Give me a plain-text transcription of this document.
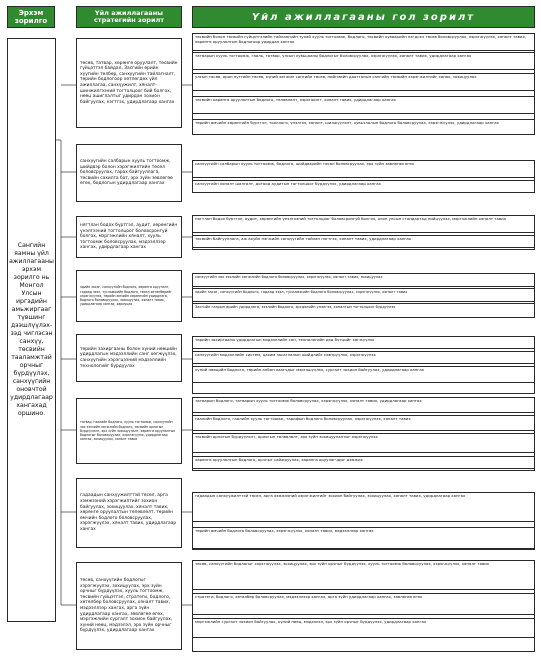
Эрхэм зорилго
Үйл ажиллагааны стратегийн зорилт	Үйл ажиллагааны гол зорилт
Сангийн яамны үйл ажиллагааны эрхэм зорилго нь Монгол Улсын иргэдийн амьжиргааг түвшинг дээшлүүлэх-зэд чиглэсэн санхүү, төсвийн тааламжтай орчныг бүрдүүлэх, санхүүгийн оновчтой удирдлагаар хангахад оршино.
төсөв, татвар, хөрөнгө оруулалт, төсвийн гүйцэтгэл байдал, Засгийн өрийн хүүгийн төлбөр, санхүүгийн тайлагналт, төрийн бодлогоор хөтлөгдөх үйл ажиллагаа, санхүүжилт, хяналт-шинжилгээний тогтолцоог бий болгох, нөөц ашиглалтыг удирдан зохион байгуулах, нэгтгэх, удирдлагаар хангах
санхүүгийн салбарын хууль тогтоомж, шийдвэр болон хэрэгжилтийн төсөл боловсруулах, гарах байгууллага, төсвийн сахилга бат, эрх зүйн зөвлөгөө өгөх, бодлогын удирдлагаар хангах
нягтлан бодох бүртгэл, аудит, хөрөнгийн үнэлгээний тогтолцоог боловсронгуй болгох, мэргэжлийн хяналт, хууль тогтоомж боловсруулах, мэдээллээр хангах, удирдлагаар хангах
эдийн засаг, санхүүгийн бодлого, хөрөнгө оруулалт, гадаад зээл, тусламжийн бодлого, төсөл хөтөлбөрийг хэрэгжүүлэх, төрийн өмчийн хөрөнгийн удирдлага, бодлого боловсруулах, зохицуулах, хяналт тавих, удирдлагаар хангах, хариуцах
төрийн захиргааны болон хүний нөөцийн удирдлагын мэдээллийн санг хөгжүүлэх, санхүүгийн хэрэгцээний мэдээллийн технологийг бүрдүүлэх
татвар, гаалийн бодлого, хууль тогтоомж, санхүүгийн зах зээлийн хөгжлийн бодлого, төсвийн орлогын бүрдүүлэлт, эрх зүйн зохицуулалт, хөрөнгө оруулалтын бодлогыг боловсруулах, хэрэгжүүлэх, удирдлагаар хангах, зохицуулах, хяналт тавих
гадаадын санхүүжилттэй төсөл, арга хэмжээний хэрэгжилтийг зохион байгуулах, зохицуулах, хяналт тавих, хөрөнгө оруулалтын төлөвлөлт, төрийн өмчийн бодлого боловсруулах, хэрэгжүүлэх, хяналт тавих, удирдлагаар хангах
төсөв, санхүүгийн бодлогыг хэрэгжүүлэх, зохицуулах, эрх зүйн орчныг бүрдүүлэх, хууль тогтоомж, төсвийн гүйцэтгэл, стратеги, бодлого, хөтөлбөр боловсруулах, хяналт тавих, мэдээллээр хангах, арга зүйн удирдлагаар хангах, зөвлөгөө өгөх, мэргэжлийн сургалт зохион байгуулах, хүний нөөц, мэдээлэл, эрх зүйн орчныг бүрдүүлэх, удирдлагаар хангах
төсвийн болон төсвийн гүйцэтгэлийн тайлангийн тухай хууль тогтоомж, бодлого, төсвийн хуваарийн нэгдсэн төсөв боловсруулах, хэрэгжүүлэх, хяналт тавих, хөрөнгө оруулалтын бодлогоор удирдан хангах
татварын хууль тогтоомж, гааль, татвар, улсын хувьцааны бодлогыг боловсруулах, хэрэгжүүлэх, хяналт тавих, удирдлагаар хангах
улсын төсөв, орон нутгийн төсөв, хүний хөгжил сангийн төсөв, нийгмийн даатгалын сангийн төсвийн хэрэгжилтийг хянах, зохицуулах
төсвийн хөрөнгө оруулалтын бодлого, төлөвлөлт, хэрэгжилт, хяналт тавих, удирдлагаар хангах
төрийн өмчийн хөрөнгийн бүртгэл, тооллого, үнэлгээ, хяналт, шилжүүлэлт, хувьчлалын бодлого боловсруулах, хэрэгжүүлэх, удирдлагаар хангах
санхүүгийн салбарын хууль тогтоомж, бодлого, шийдвэрийн төсөл боловсруулах, эрх зүйн зөвлөгөө өгөх
санхүүгийн хяналт шалгалт, дотоод аудитын тогтолцоог бүрдүүлэх, удирдлагаар хангах
нягтлан бодох бүртгэл, аудит, хөрөнгийн үнэлгээний тогтолцоог боловсронгуй болгох, олон улсын стандартад нийцүүлэх, мэргэжлийн хяналт тавих
төсвийн байгууллага, аж ахуйн нэгжийн санхүүгийн тайлан нэгтгэх, хяналт тавих, удирдлагаар хангах
санхүүгийн зах зээлийн хөгжлийн бодлого боловсруулах, хэрэгжүүлэх, хяналт тавих, зохицуулах
эдийн засаг, санхүүгийн бодлого, гадаад зээл, тусламжийн бодлого боловсруулах, хэрэгжүүлэх, хяналт тавих
Засгийн газрын өрийн удирдлага, зээлийн бодлого, эрсдэлийн үнэлгээ, хяналтын тогтолцоог бүрдүүлэх
төрийн захиргааны удирдлагын мэдээллийн сан, технологийн дэд бүтцийг хөгжүүлэх
санхүүгийн мэдээллийн систем, цахим засаглалын шийдлийг нэвтрүүлэх, хэрэгжүүлэх
хүний нөөцийн бодлого, төрийн албан хаагчдыг мэргэшүүлэх, сургалт зохион байгуулах, удирдлагаар хангах
татварын бодлого, татварын хууль тогтоомж боловсруулах, хэрэгжүүлэх, хяналт тавих, удирдлагаар хангах
гаалийн бодлого, гаалийн хууль тогтоомж, тарифын бодлого боловсруулах, хэрэгжүүлэх, хяналт тавих
төсвийн орлогын бүрдүүлэлт, орлогын төлөвлөлт, эрх зүйн зохицуулалтыг хэрэгжүүлэх
хөрөнгө оруулалтын бодлого, орчныг сайжруулах, хөрөнгө оруулагчдыг дэмжих
гадаадын санхүүжилттэй төсөл, арга хэмжээний хэрэгжилтийг зохион байгуулах, зохицуулах, хяналт тавих, удирдлагаар хангах
төрийн өмчийн бодлого боловсруулах, хэрэгжүүлэх, хяналт тавих, мэдээллээр хангах
төсөв, санхүүгийн бодлогыг хэрэгжүүлэх, зохицуулах, эрх зүйн орчныг бүрдүүлэх, хууль тогтоомж боловсруулах, хэрэгжүүлэх, хяналт тавих
стратеги, бодлого, хөтөлбөр боловсруулах, мэдээллээр хангах, арга зүйн удирдлагаар хангах, зөвлөгөө өгөх
мэргэжлийн сургалт зохион байгуулах, хүний нөөц, мэдээлэл, эрх зүйн орчныг бүрдүүлэх, удирдлагаар хангах
